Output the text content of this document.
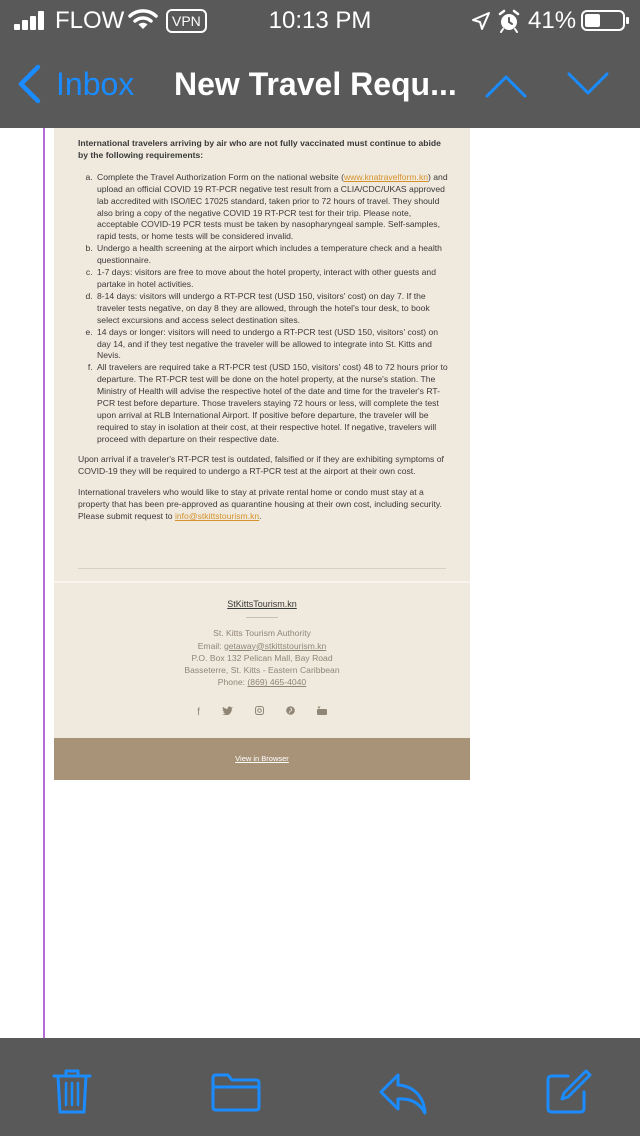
FLOW	VPN	10:13 PM	41%
Inbox New Travel Requ...
International travelers arriving by air who are not fully vaccinated must continue to abide by the following requirements:
a. Complete the Travel Authorization Form on the national website (www.knatravelform.kn) and upload an official COVID 19 RT-PCR negative test result from a CLIA/CDC/UKAS approved lab accredited with ISO/IEC 17025 standard, taken prior to 72 hours of travel. They should also bring a copy of the negative COVID 19 RT-PCR test for their trip. Please note, acceptable COVID-19 PCR tests must be taken by nasopharyngeal sample. Self-samples, rapid tests, or home tests will be considered invalid.
b. Undergo a health screening at the airport which includes a temperature check and a health questionnaire.
c. 1-7 days: visitors are free to move about the hotel property, interact with other guests and partake in hotel activities.
d. 8-14 days: visitors will undergo a RT-PCR test (USD 150, visitors' cost) on day 7. If the traveler tests negative, on day 8 they are allowed, through the hotel's tour desk, to book select excursions and access select destination sites.
e. 14 days or longer: visitors will need to undergo a RT-PCR test (USD 150, visitors' cost) on day 14, and if they test negative the traveler will be allowed to integrate into St. Kitts and Nevis.
f. All travelers are required take a RT-PCR test (USD 150, visitors' cost) 48 to 72 hours prior to departure. The RT-PCR test will be done on the hotel property, at the nurse's station. The Ministry of Health will advise the respective hotel of the date and time for the traveler's RT-PCR test before departure. Those travelers staying 72 hours or less, will complete the test upon arrival at RLB International Airport. If positive before departure, the traveler will be required to stay in isolation at their cost, at their respective hotel. If negative, travelers will proceed with departure on their respective date.

Upon arrival if a traveler's RT-PCR test is outdated, falsified or if they are exhibiting symptoms of COVID-19 they will be required to undergo a RT-PCR test at the airport at their own cost.

International travelers who would like to stay at private rental home or condo must stay at a property that has been pre-approved as quarantine housing at their own cost, including security. Please submit request to info@stkittstourism.kn.

StKittsTourism.kn
St. Kitts Tourism Authority
Email: getaway@stkittstourism.kn
P.O. Box 132 Pelican Mall, Bay Road
Basseterre, St. Kitts - Eastern Caribbean
Phone: (869) 465-4040
f
View in Browser
